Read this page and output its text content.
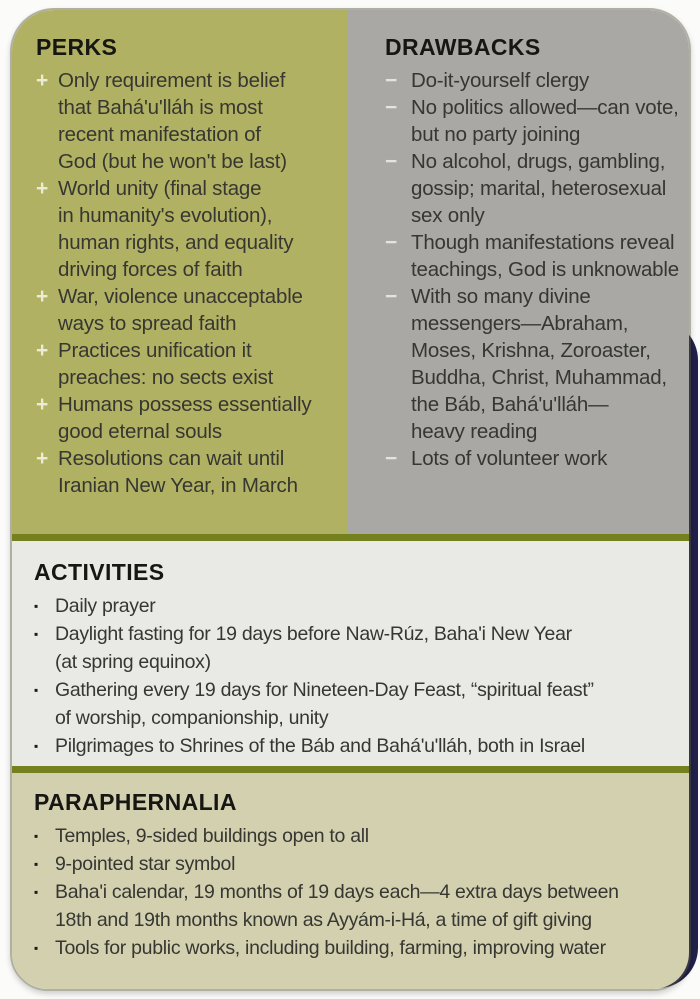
PERKS
+ Only requirement is belief
that Bahá'u'lláh is most
recent manifestation of
God (but he won't be last)
+ World unity (final stage
in humanity's evolution),
human rights, and equality
driving forces of faith
+ War, violence unacceptable
ways to spread faith
+ Practices unification it
preaches: no sects exist
+ Humans possess essentially
good eternal souls
+ Resolutions can wait until
Iranian New Year, in March
DRAWBACKS
− Do-it-yourself clergy
− No politics allowed—can vote,
but no party joining
− No alcohol, drugs, gambling,
gossip; marital, heterosexual
sex only
− Though manifestations reveal
teachings, God is unknowable
− With so many divine
messengers—Abraham,
Moses, Krishna, Zoroaster,
Buddha, Christ, Muhammad,
the Báb, Bahá'u'lláh—
heavy reading
− Lots of volunteer work
ACTIVITIES
▪ Daily prayer
▪ Daylight fasting for 19 days before Naw-Rúz, Baha'i New Year
(at spring equinox)
▪ Gathering every 19 days for Nineteen-Day Feast, “spiritual feast”
of worship, companionship, unity
▪ Pilgrimages to Shrines of the Báb and Bahá'u'lláh, both in Israel
PARAPHERNALIA
▪ Temples, 9-sided buildings open to all
▪ 9-pointed star symbol
▪ Baha'i calendar, 19 months of 19 days each—4 extra days between
18th and 19th months known as Ayyám-i-Há, a time of gift giving
▪ Tools for public works, including building, farming, improving water
